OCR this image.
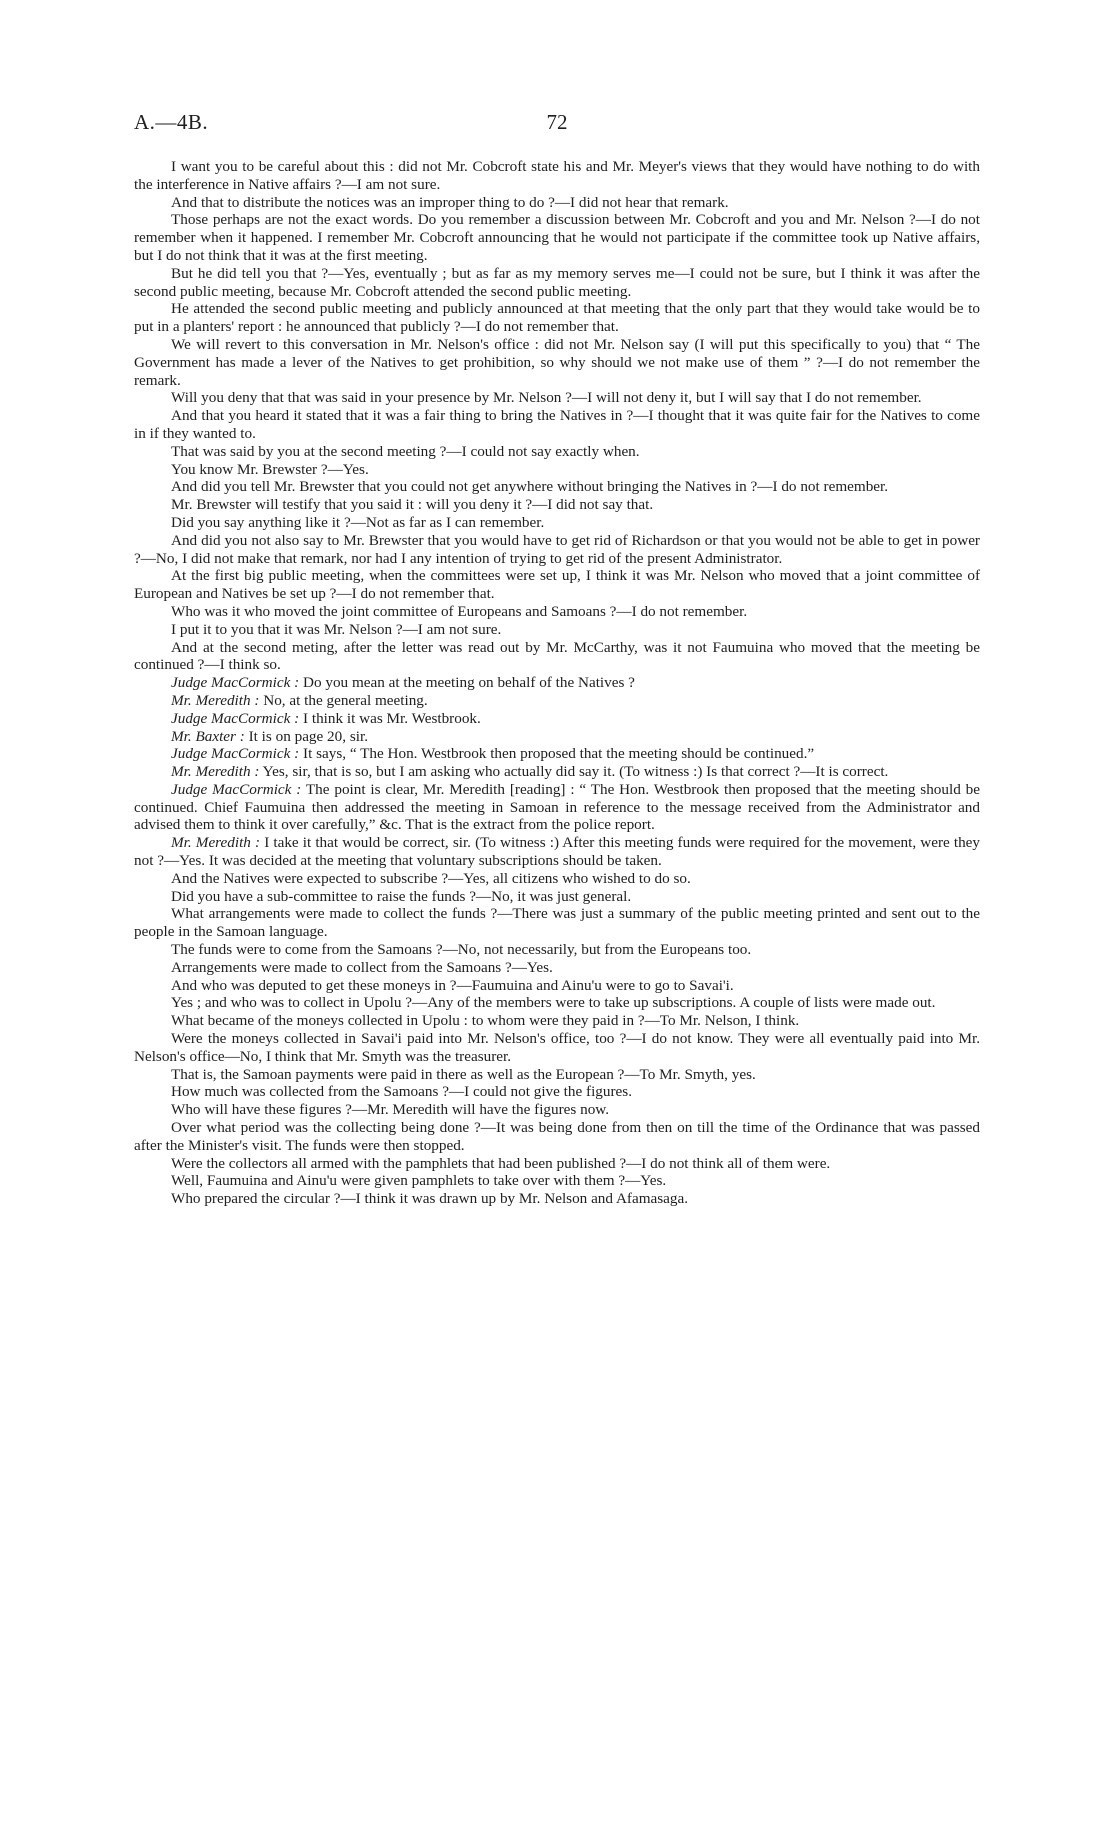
A.—4B.	72

I want you to be careful about this : did not Mr. Cobcroft state his and Mr. Meyer's views that they would have nothing to do with the interference in Native affairs ?—I am not sure.

And that to distribute the notices was an improper thing to do ?—I did not hear that remark.

Those perhaps are not the exact words. Do you remember a discussion between Mr. Cobcroft and you and Mr. Nelson ?—I do not remember when it happened. I remember Mr. Cobcroft announcing that he would not participate if the committee took up Native affairs, but I do not think that it was at the first meeting.

But he did tell you that ?—Yes, eventually ; but as far as my memory serves me—I could not be sure, but I think it was after the second public meeting, because Mr. Cobcroft attended the second public meeting.

He attended the second public meeting and publicly announced at that meeting that the only part that they would take would be to put in a planters' report : he announced that publicly ?—I do not remember that.

We will revert to this conversation in Mr. Nelson's office : did not Mr. Nelson say (I will put this specifically to you) that “ The Government has made a lever of the Natives to get prohibition, so why should we not make use of them ” ?—I do not remember the remark.

Will you deny that that was said in your presence by Mr. Nelson ?—I will not deny it, but I will say that I do not remember.

And that you heard it stated that it was a fair thing to bring the Natives in ?—I thought that it was quite fair for the Natives to come in if they wanted to.

That was said by you at the second meeting ?—I could not say exactly when.

You know Mr. Brewster ?—Yes.

And did you tell Mr. Brewster that you could not get anywhere without bringing the Natives in ?—I do not remember.

Mr. Brewster will testify that you said it : will you deny it ?—I did not say that.

Did you say anything like it ?—Not as far as I can remember.

And did you not also say to Mr. Brewster that you would have to get rid of Richardson or that you would not be able to get in power ?—No, I did not make that remark, nor had I any intention of trying to get rid of the present Administrator.

At the first big public meeting, when the committees were set up, I think it was Mr. Nelson who moved that a joint committee of European and Natives be set up ?—I do not remember that.

Who was it who moved the joint committee of Europeans and Samoans ?—I do not remember.

I put it to you that it was Mr. Nelson ?—I am not sure.

And at the second meting, after the letter was read out by Mr. McCarthy, was it not Faumuina who moved that the meeting be continued ?—I think so.

Judge MacCormick : Do you mean at the meeting on behalf of the Natives ?

Mr. Meredith : No, at the general meeting.

Judge MacCormick : I think it was Mr. Westbrook.

Mr. Baxter : It is on page 20, sir.

Judge MacCormick : It says, “ The Hon. Westbrook then proposed that the meeting should be continued.”

Mr. Meredith : Yes, sir, that is so, but I am asking who actually did say it. (To witness :) Is that correct ?—It is correct.

Judge MacCormick : The point is clear, Mr. Meredith [reading] : “ The Hon. Westbrook then proposed that the meeting should be continued. Chief Faumuina then addressed the meeting in Samoan in reference to the message received from the Administrator and advised them to think it over carefully,” &c. That is the extract from the police report.

Mr. Meredith : I take it that would be correct, sir. (To witness :) After this meeting funds were required for the movement, were they not ?—Yes. It was decided at the meeting that voluntary subscriptions should be taken.

And the Natives were expected to subscribe ?—Yes, all citizens who wished to do so.

Did you have a sub-committee to raise the funds ?—No, it was just general.

What arrangements were made to collect the funds ?—There was just a summary of the public meeting printed and sent out to the people in the Samoan language.

The funds were to come from the Samoans ?—No, not necessarily, but from the Europeans too.

Arrangements were made to collect from the Samoans ?—Yes.

And who was deputed to get these moneys in ?—Faumuina and Ainu'u were to go to Savai'i.

Yes ; and who was to collect in Upolu ?—Any of the members were to take up subscriptions. A couple of lists were made out.

What became of the moneys collected in Upolu : to whom were they paid in ?—To Mr. Nelson, I think.

Were the moneys collected in Savai'i paid into Mr. Nelson's office, too ?—I do not know. They were all eventually paid into Mr. Nelson's office—No, I think that Mr. Smyth was the treasurer.

That is, the Samoan payments were paid in there as well as the European ?—To Mr. Smyth, yes.

How much was collected from the Samoans ?—I could not give the figures.

Who will have these figures ?—Mr. Meredith will have the figures now.

Over what period was the collecting being done ?—It was being done from then on till the time of the Ordinance that was passed after the Minister's visit. The funds were then stopped.

Were the collectors all armed with the pamphlets that had been published ?—I do not think all of them were.

Well, Faumuina and Ainu'u were given pamphlets to take over with them ?—Yes.

Who prepared the circular ?—I think it was drawn up by Mr. Nelson and Afamasaga.
